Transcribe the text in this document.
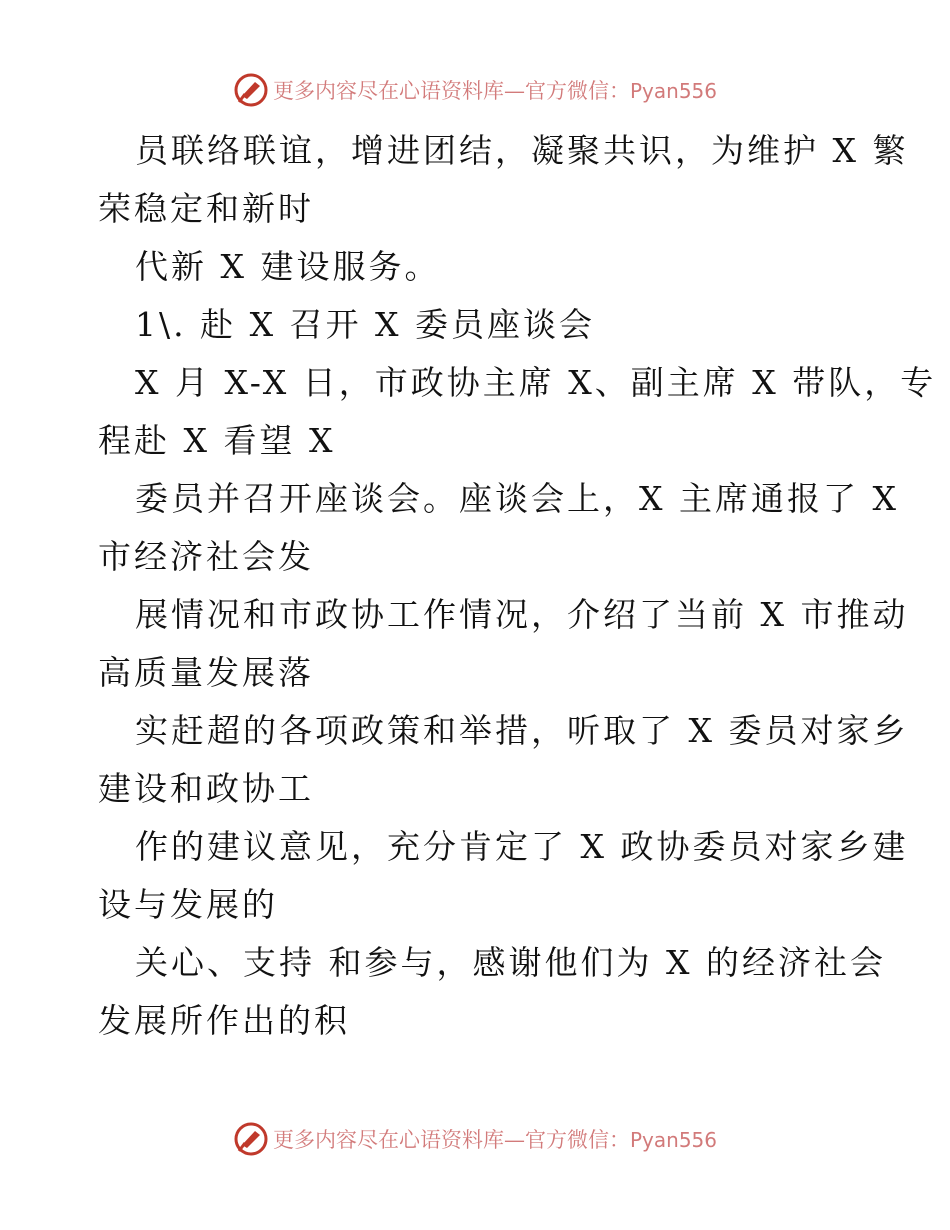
更多内容尽在心语资料库—官方微信：Pyan556
员联络联谊，增进团结，凝聚共识，为维护 X 繁
荣稳定和新时
代新 X 建设服务。
1\. 赴 X 召开 X 委员座谈会
X 月 X-X 日，市政协主席 X、副主席 X 带队，专
程赴 X 看望 X
委员并召开座谈会。座谈会上，X 主席通报了 X
市经济社会发
展情况和市政协工作情况，介绍了当前 X 市推动
高质量发展落
实赶超的各项政策和举措，听取了 X 委员对家乡
建设和政协工
作的建议意见，充分肯定了 X 政协委员对家乡建
设与发展的
关心、支持 和参与，感谢他们为 X 的经济社会
发展所作出的积
更多内容尽在心语资料库—官方微信：Pyan556
